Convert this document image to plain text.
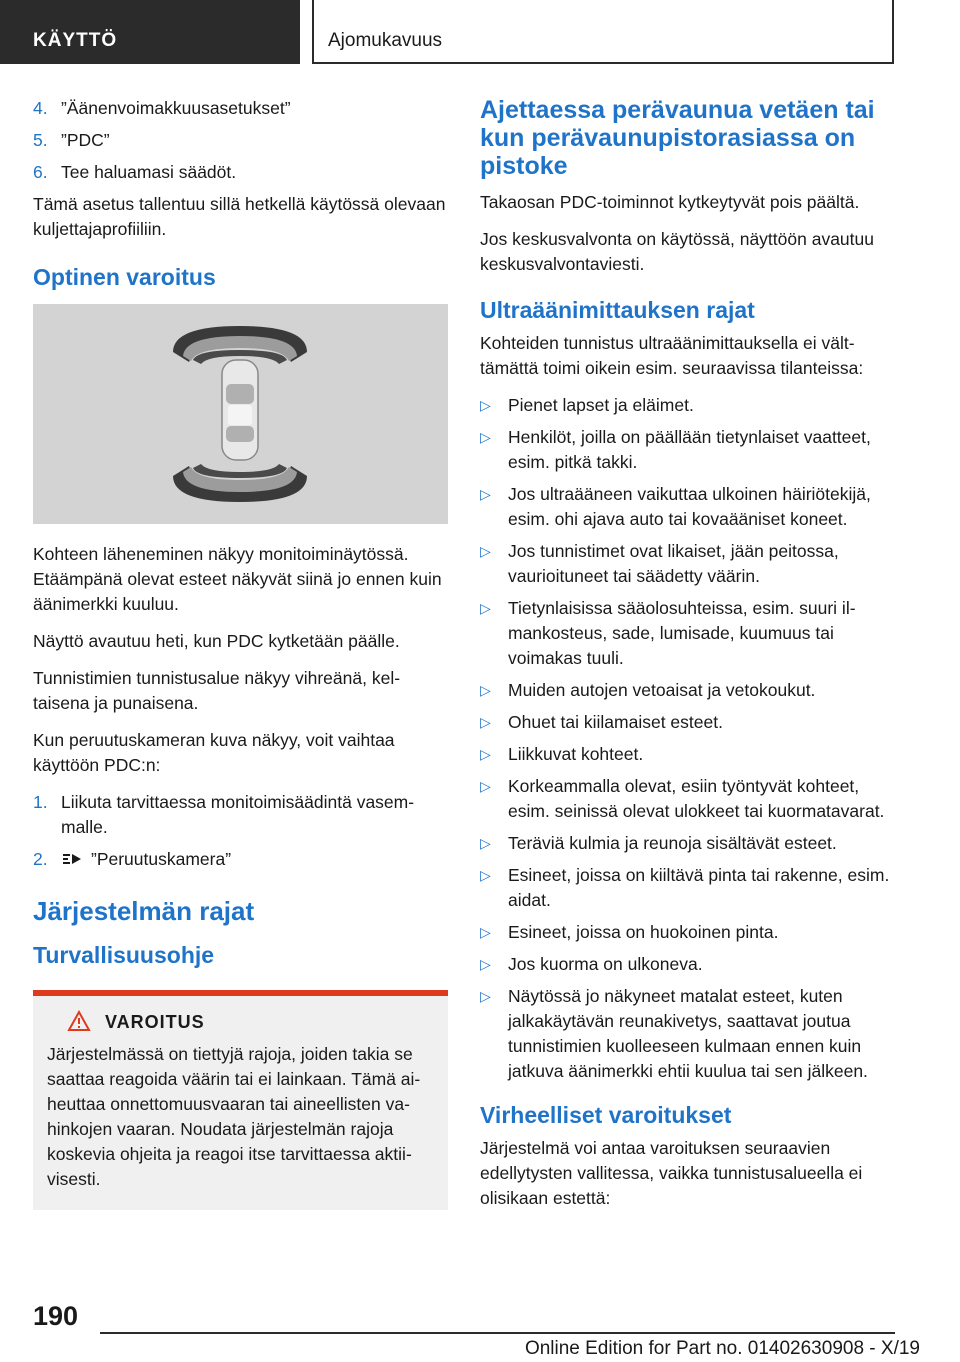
KÄYTTÖ	Ajomukavuus
4. ”Äänenvoimakkuusasetukset”
5. ”PDC”
6. Tee haluamasi säädöt.

Tämä asetus tallentuu sillä hetkellä käytössä olevaan kuljettajaprofiiliin.

Optinen varoitus

Kohteen läheneminen näkyy monitoiminäytössä. Etäämpänä olevat esteet näkyvät siinä jo ennen kuin äänimerkki kuuluu.

Näyttö avautuu heti, kun PDC kytketään päälle.

Tunnistimien tunnistusalue näkyy vihreänä, keltaisena ja punaisena.

Kun peruutuskameran kuva näkyy, voit vaihtaa käyttöön PDC:n:

1. Liikuta tarvittaessa monitoimisäädintä vasemmalle.
2. ”Peruutuskamera”
Järjestelmän rajat
Turvallisuusohje
VAROITUS

Järjestelmässä on tiettyjä rajoja, joiden takia se saattaa reagoida väärin tai ei lainkaan. Tämä aiheuttaa onnettomuusvaaran tai aineellisten vahinkojen vaaran. Noudata järjestelmän rajoja koskevia ohjeita ja reagoi itse tarvittaessa aktiivisesti.

Ajettaessa perävaunua vetäen tai kun perävaunupistorasiassa on pistoke

Takaosan PDC-toiminnot kytkeytyvät pois päältä.

Jos keskusvalvonta on käytössä, näyttöön avautuu keskusvalvontaviesti.

Ultraäänimittauksen rajat

Kohteiden tunnistus ultraäänimittauksella ei välttämättä toimi oikein esim. seuraavissa tilanteissa:

▷ Pienet lapset ja eläimet.
▷ Henkilöt, joilla on päällään tietynlaiset vaatteet, esim. pitkä takki.
▷ Jos ultraääneen vaikuttaa ulkoinen häiriötekijä, esim. ohi ajava auto tai kovaääniset koneet.
▷ Jos tunnistimet ovat likaiset, jään peitossa, vaurioituneet tai säädetty väärin.
▷ Tietynlaisissa sääolosuhteissa, esim. suuri ilmankosteus, sade, lumisade, kuumuus tai voimakas tuuli.
▷ Muiden autojen vetoaisat ja vetokoukut.
▷ Ohuet tai kiilamaiset esteet.
▷ Liikkuvat kohteet.
▷ Korkeammalla olevat, esiin työntyvät kohteet, esim. seinissä olevat ulokkeet tai kuormatavarat.
▷ Teräviä kulmia ja reunoja sisältävät esteet.
▷ Esineet, joissa on kiiltävä pinta tai rakenne, esim. aidat.
▷ Esineet, joissa on huokoinen pinta.
▷ Jos kuorma on ulkoneva.
▷ Näytössä jo näkyneet matalat esteet, kuten jalkakäytävän reunakivetys, saattavat joutua tunnistimien kuolleeseen kulmaan ennen kuin jatkuva äänimerkki ehtii kuulua tai sen jälkeen.
Virheelliset varoitukset

Järjestelmä voi antaa varoituksen seuraavien edellytysten vallitessa, vaikka tunnistusalueella ei olisikaan estettä:

190
Online Edition for Part no. 01402630908 - X/19
